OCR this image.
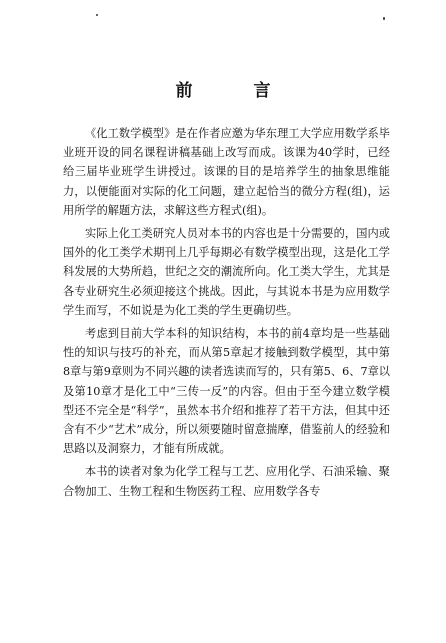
前　言

《化工数学模型》是在作者应邀为华东理工大学应用数学系毕业班开设的同名课程讲稿基础上改写而成。该课为40学时，已经给三届毕业班学生讲授过。该课的目的是培养学生的抽象思维能力，以便能面对实际的化工问题，建立起恰当的微分方程(组)，运用所学的解题方法，求解这些方程式(组)。

实际上化工类研究人员对本书的内容也是十分需要的，国内或国外的化工类学术期刊上几乎每期必有数学模型出现，这是化工学科发展的大势所趋，世纪之交的潮流所向。化工类大学生，尤其是各专业研究生必须迎接这个挑战。因此，与其说本书是为应用数学学生而写，不如说是为化工类的学生更确切些。

考虑到目前大学本科的知识结构，本书的前4章均是一些基础性的知识与技巧的补充，而从第5章起才接触到数学模型，其中第8章与第9章则为不同兴趣的读者选读而写的，只有第5、6、7章以及第10章才是化工中“三传一反”的内容。但由于至今建立数学模型还不完全是“科学”，虽然本书介绍和推荐了若干方法，但其中还含有不少“艺术”成分，所以须要随时留意揣摩，借鉴前人的经验和思路以及洞察力，才能有所成就。

本书的读者对象为化学工程与工艺、应用化学、石油采输、聚合物加工、生物工程和生物医药工程、应用数学各专
